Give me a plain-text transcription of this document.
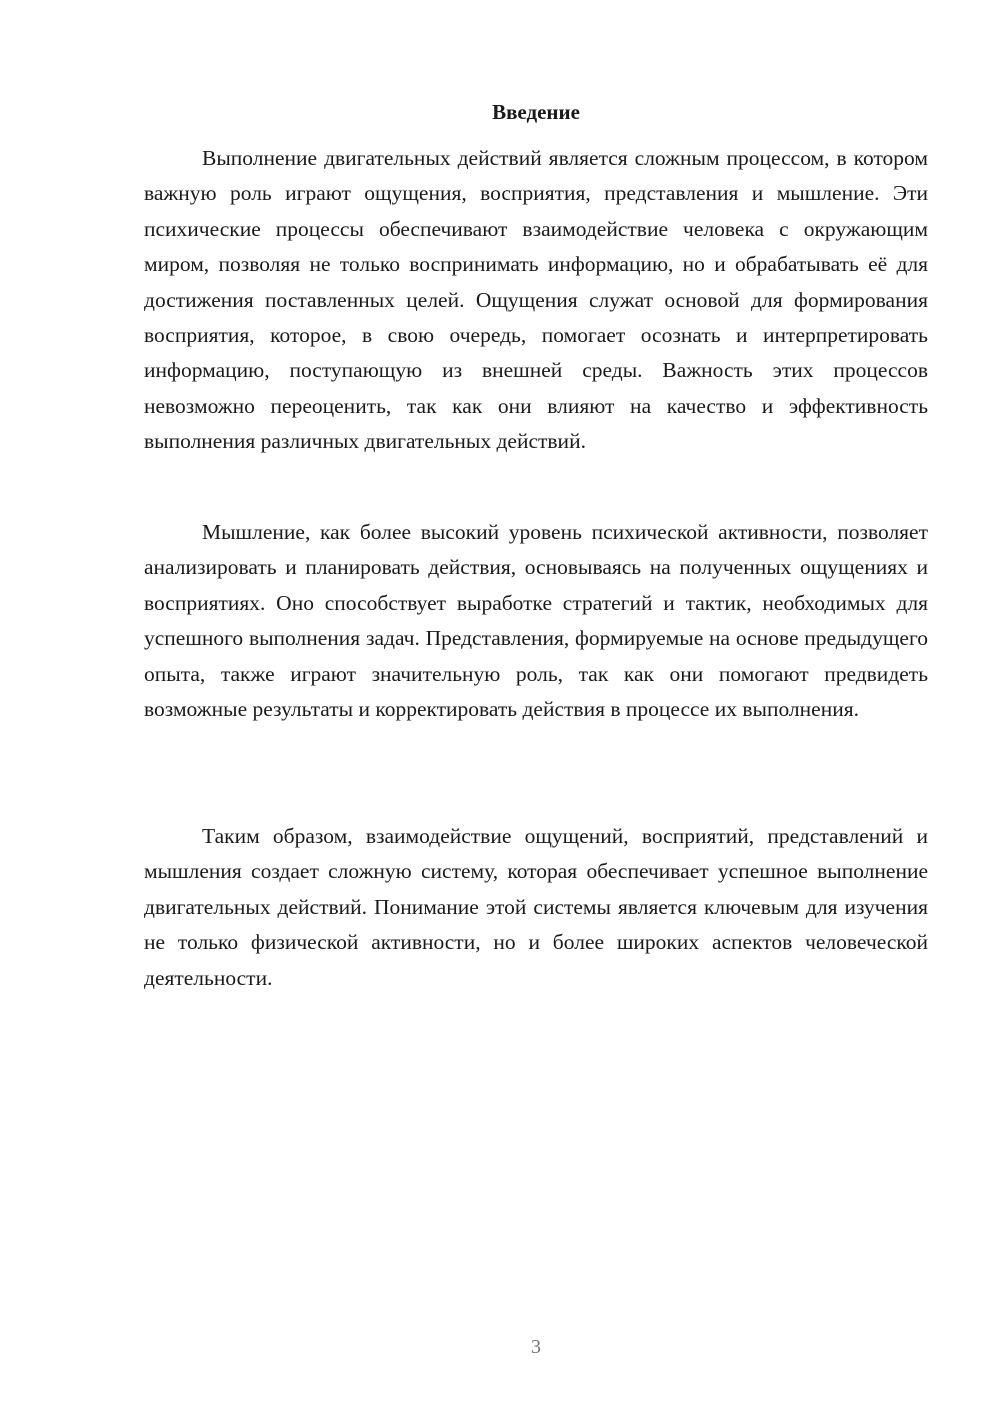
Введение

Выполнение двигательных действий является сложным процессом, в котором важную роль играют ощущения, восприятия, представления и мышление. Эти психические процессы обеспечивают взаимодействие человека с окружающим миром, позволяя не только воспринимать информацию, но и обрабатывать её для достижения поставленных целей. Ощущения служат основой для формирования восприятия, которое, в свою очередь, помогает осознать и интерпретировать информацию, поступающую из внешней среды. Важность этих процессов невозможно переоценить, так как они влияют на качество и эффективность выполнения различных двигательных действий.

Мышление, как более высокий уровень психической активности, позволяет анализировать и планировать действия, основываясь на полученных ощущениях и восприятиях. Оно способствует выработке стратегий и тактик, необходимых для успешного выполнения задач. Представления, формируемые на основе предыдущего опыта, также играют значительную роль, так как они помогают предвидеть возможные результаты и корректировать действия в процессе их выполнения.

Таким образом, взаимодействие ощущений, восприятий, представлений и мышления создает сложную систему, которая обеспечивает успешное выполнение двигательных действий. Понимание этой системы является ключевым для изучения не только физической активности, но и более широких аспектов человеческой деятельности.

3
